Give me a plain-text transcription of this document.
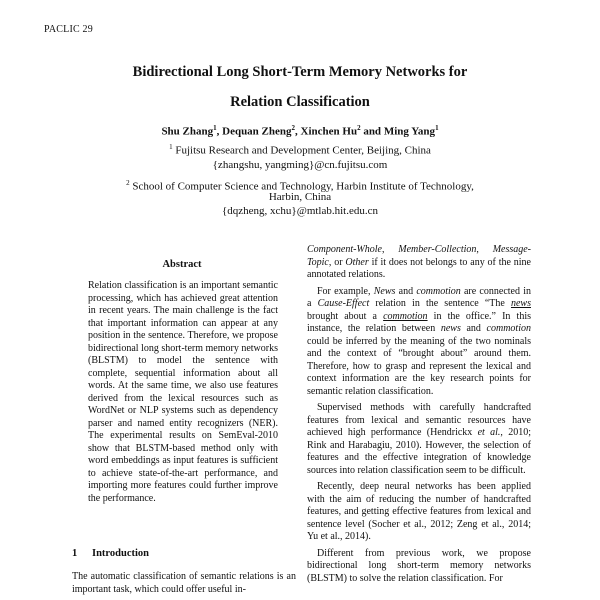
PACLIC 29
Bidirectional Long Short-Term Memory Networks for
Relation Classification
Shu Zhang$^1$, Dequan Zheng$^2$, Xinchen Hu$^2$ and Ming Yang$^1$
$^1$ Fujitsu Research and Development Center, Beijing, China
{zhangshu, yangming}@cn.fujitsu.com
$^2$ School of Computer Science and Technology, Harbin Institute of Technology,
Harbin, China
{dqzheng, xchu}@mtlab.hit.edu.cn
Abstract
Relation classification is an important semantic processing, which has achieved great attention in recent years. The main challenge is the fact that important information can appear at any position in the sentence. Therefore, we propose bidirectional long short-term memory networks (BLSTM) to model the sentence with complete, sequential information about all words. At the same time, we also use features derived from the lexical resources such as WordNet or NLP systems such as dependency parser and named entity recognizers (NER). The experimental results on SemEval-2010 show that BLSTM-based method only with word embeddings as input features is sufficient to achieve state-of-the-art performance, and importing more features could further improve the performance.
1 Introduction
The automatic classification of semantic relations is an important task, which could offer useful in-

Component-Whole, Member-Collection, Message-Topic, or Other if it does not belongs to any of the nine annotated relations.

For example, News and commotion are connected in a Cause-Effect relation in the sentence “The news brought about a commotion in the office.” In this instance, the relation between news and commotion could be inferred by the meaning of the two nominals and the context of “brought about” around them. Therefore, how to grasp and represent the lexical and context information are the key research points for semantic relation classification.

Supervised methods with carefully handcrafted features from lexical and semantic resources have achieved high performance (Hendrickx et al., 2010; Rink and Harabagiu, 2010). However, the selection of features and the effective integration of knowledge sources into relation classification seem to be difficult.

Recently, deep neural networks has been applied with the aim of reducing the number of handcrafted features, and getting effective features from lexical and sentence level (Socher et al., 2012; Zeng et al., 2014; Yu et al., 2014).

Different from previous work, we propose bidirectional long short-term memory networks (BLSTM) to solve the relation classification. For
